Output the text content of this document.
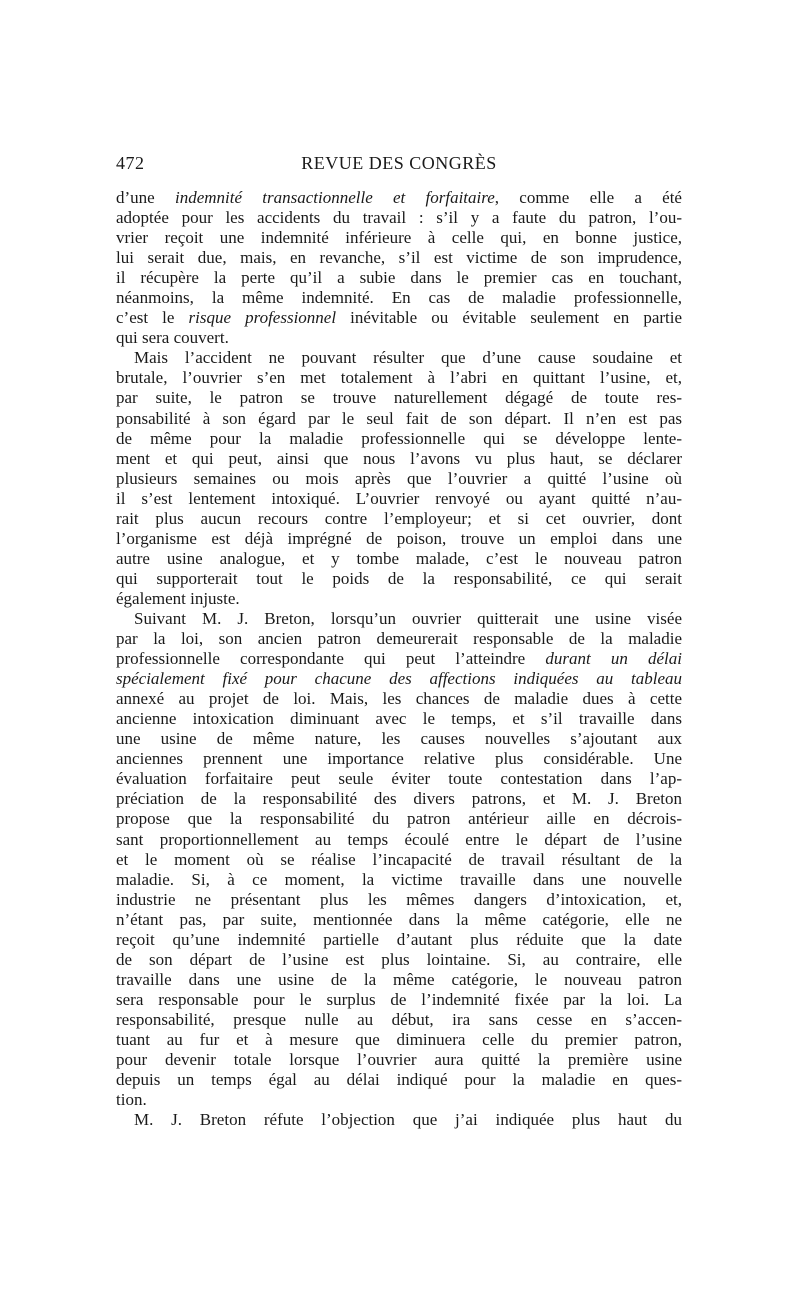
472	REVUE DES CONGRÈS
d’une indemnité transactionnelle et forfaitaire, comme elle a été
adoptée pour les accidents du travail : s’il y a faute du patron, l’ou-
vrier reçoit une indemnité inférieure à celle qui, en bonne justice,
lui serait due, mais, en revanche, s’il est victime de son imprudence,
il récupère la perte qu’il a subie dans le premier cas en touchant,
néanmoins, la même indemnité. En cas de maladie professionnelle,
c’est le risque professionnel inévitable ou évitable seulement en partie
qui sera couvert.
Mais l’accident ne pouvant résulter que d’une cause soudaine et
brutale, l’ouvrier s’en met totalement à l’abri en quittant l’usine, et,
par suite, le patron se trouve naturellement dégagé de toute res-
ponsabilité à son égard par le seul fait de son départ. Il n’en est pas
de même pour la maladie professionnelle qui se développe lente-
ment et qui peut, ainsi que nous l’avons vu plus haut, se déclarer
plusieurs semaines ou mois après que l’ouvrier a quitté l’usine où
il s’est lentement intoxiqué. L’ouvrier renvoyé ou ayant quitté n’au-
rait plus aucun recours contre l’employeur; et si cet ouvrier, dont
l’organisme est déjà imprégné de poison, trouve un emploi dans une
autre usine analogue, et y tombe malade, c’est le nouveau patron
qui supporterait tout le poids de la responsabilité, ce qui serait
également injuste.
Suivant M. J. Breton, lorsqu’un ouvrier quitterait une usine visée
par la loi, son ancien patron demeurerait responsable de la maladie
professionnelle correspondante qui peut l’atteindre durant un délai
spécialement fixé pour chacune des affections indiquées au tableau
annexé au projet de loi. Mais, les chances de maladie dues à cette
ancienne intoxication diminuant avec le temps, et s’il travaille dans
une usine de même nature, les causes nouvelles s’ajoutant aux
anciennes prennent une importance relative plus considérable. Une
évaluation forfaitaire peut seule éviter toute contestation dans l’ap-
préciation de la responsabilité des divers patrons, et M. J. Breton
propose que la responsabilité du patron antérieur aille en décrois-
sant proportionnellement au temps écoulé entre le départ de l’usine
et le moment où se réalise l’incapacité de travail résultant de la
maladie. Si, à ce moment, la victime travaille dans une nouvelle
industrie ne présentant plus les mêmes dangers d’intoxication, et,
n’étant pas, par suite, mentionnée dans la même catégorie, elle ne
reçoit qu’une indemnité partielle d’autant plus réduite que la date
de son départ de l’usine est plus lointaine. Si, au contraire, elle
travaille dans une usine de la même catégorie, le nouveau patron
sera responsable pour le surplus de l’indemnité fixée par la loi. La
responsabilité, presque nulle au début, ira sans cesse en s’accen-
tuant au fur et à mesure que diminuera celle du premier patron,
pour devenir totale lorsque l’ouvrier aura quitté la première usine
depuis un temps égal au délai indiqué pour la maladie en ques-
tion.
M. J. Breton réfute l’objection que j’ai indiquée plus haut du
